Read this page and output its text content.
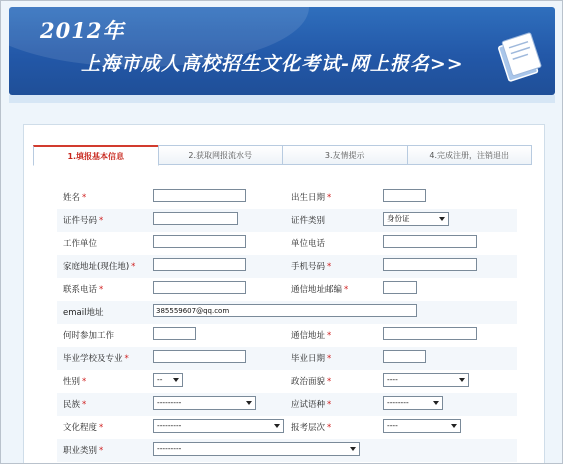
2012年
上海市成人高校招生文化考试-网上报名>>
1.填报基本信息	2.获取网报流水号	3.友情提示	4.完成注册，注销退出
姓名 *	出生日期 *
证件号码 *	证件类别	身份证
工作单位	单位电话
家庭地址(现住地) *	手机号码 *
联系电话 *	通信地址邮编 *
email地址	385559607@qq.com
何时参加工作	通信地址 *
毕业学校及专业 *	毕业日期 *
性别 *	--	政治面貌 *	----
民族 *	---------	应试语种 *	--------
文化程度 *	---------	报考层次 *	----
职业类别 *	---------
